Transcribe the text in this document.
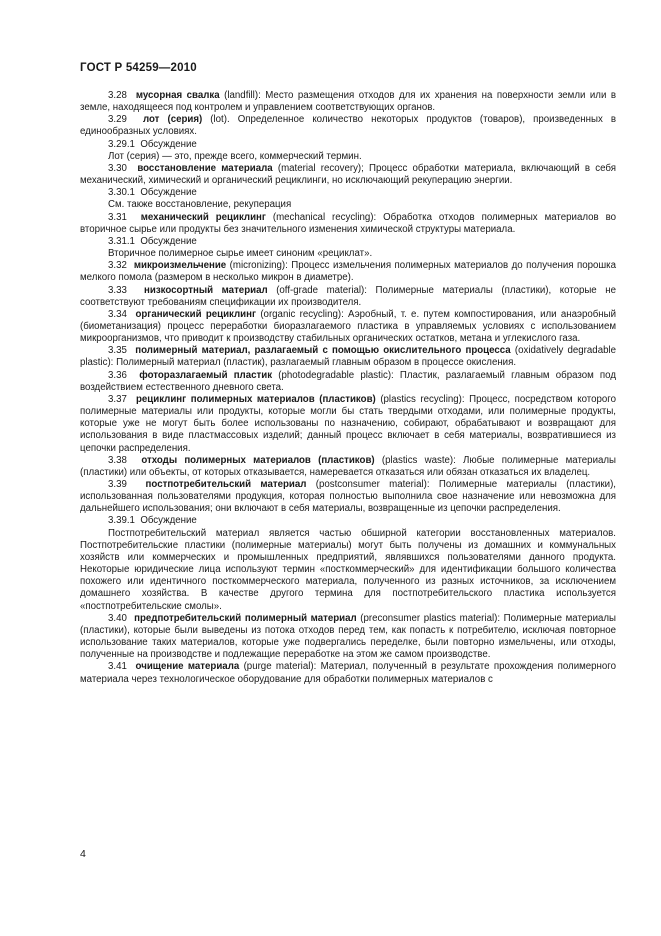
ГОСТ Р 54259—2010

3.28 мусорная свалка (landfill): Место размещения отходов для их хранения на поверхности земли или в земле, находящееся под контролем и управлением соответствующих органов.

3.29 лот (серия) (lot). Определенное количество некоторых продуктов (товаров), произведенных в единообразных условиях.

3.29.1 Обсуждение

Лот (серия) — это, прежде всего, коммерческий термин.

3.30 восстановление материала (material recovery); Процесс обработки материала, включающий в себя механический, химический и органический рециклинги, но исключающий рекуперацию энергии.

3.30.1 Обсуждение

См. также восстановление, рекуперация

3.31 механический рециклинг (mechanical recycling): Обработка отходов полимерных материалов во вторичное сырье или продукты без значительного изменения химической структуры материала.

3.31.1 Обсуждение

Вторичное полимерное сырье имеет синоним «рециклат».

3.32 микроизмельчение (micronizing): Процесс измельчения полимерных материалов до получения порошка мелкого помола (размером в несколько микрон в диаметре).

3.33 низкосортный материал (off-grade material): Полимерные материалы (пластики), которые не соответствуют требованиям спецификации их производителя.

3.34 органический рециклинг (organic recycling): Аэробный, т. е. путем компостирования, или анаэробный (биометанизация) процесс переработки биоразлагаемого пластика в управляемых условиях с использованием микроорганизмов, что приводит к производству стабильных органических остатков, метана и углекислого газа.

3.35 полимерный материал, разлагаемый с помощью окислительного процесса (oxidatively degradable plastic): Полимерный материал (пластик), разлагаемый главным образом в процессе окисления.

3.36 фоторазлагаемый пластик (photodegradable plastic): Пластик, разлагаемый главным образом под воздействием естественного дневного света.

3.37 рециклинг полимерных материалов (пластиков) (plastics recycling): Процесс, посредством которого полимерные материалы или продукты, которые могли бы стать твердыми отходами, или полимерные продукты, которые уже не могут быть более использованы по назначению, собирают, обрабатывают и возвращают для использования в виде пластмассовых изделий; данный процесс включает в себя материалы, возвратившиеся из цепочки распределения.

3.38 отходы полимерных материалов (пластиков) (plastics waste): Любые полимерные материалы (пластики) или объекты, от которых отказывается, намеревается отказаться или обязан отказаться их владелец.

3.39 постпотребительский материал (postconsumer material): Полимерные материалы (пластики), использованная пользователями продукция, которая полностью выполнила свое назначение или невозможна для дальнейшего использования; они включают в себя материалы, возвращенные из цепочки распределения.

3.39.1 Обсуждение

Постпотребительский материал является частью обширной категории восстановленных материалов. Постпотребительские пластики (полимерные материалы) могут быть получены из домашних и коммунальных хозяйств или коммерческих и промышленных предприятий, являвшихся пользователями данного продукта. Некоторые юридические лица используют термин «посткоммерческий» для идентификации большого количества похожего или идентичного посткоммерческого материала, полученного из разных источников, за исключением домашнего хозяйства. В качестве другого термина для постпотребительского пластика используется «постпотребительские смолы».

3.40 предпотребительский полимерный материал (preconsumer plastics material): Полимерные материалы (пластики), которые были выведены из потока отходов перед тем, как попасть к потребителю, исключая повторное использование таких материалов, которые уже подвергались переделке, были повторно измельчены, или отходы, полученные на производстве и подлежащие переработке на этом же самом производстве.

3.41 очищение материала (purge material): Материал, полученный в результате прохождения полимерного материала через технологическое оборудование для обработки полимерных материалов с

4
